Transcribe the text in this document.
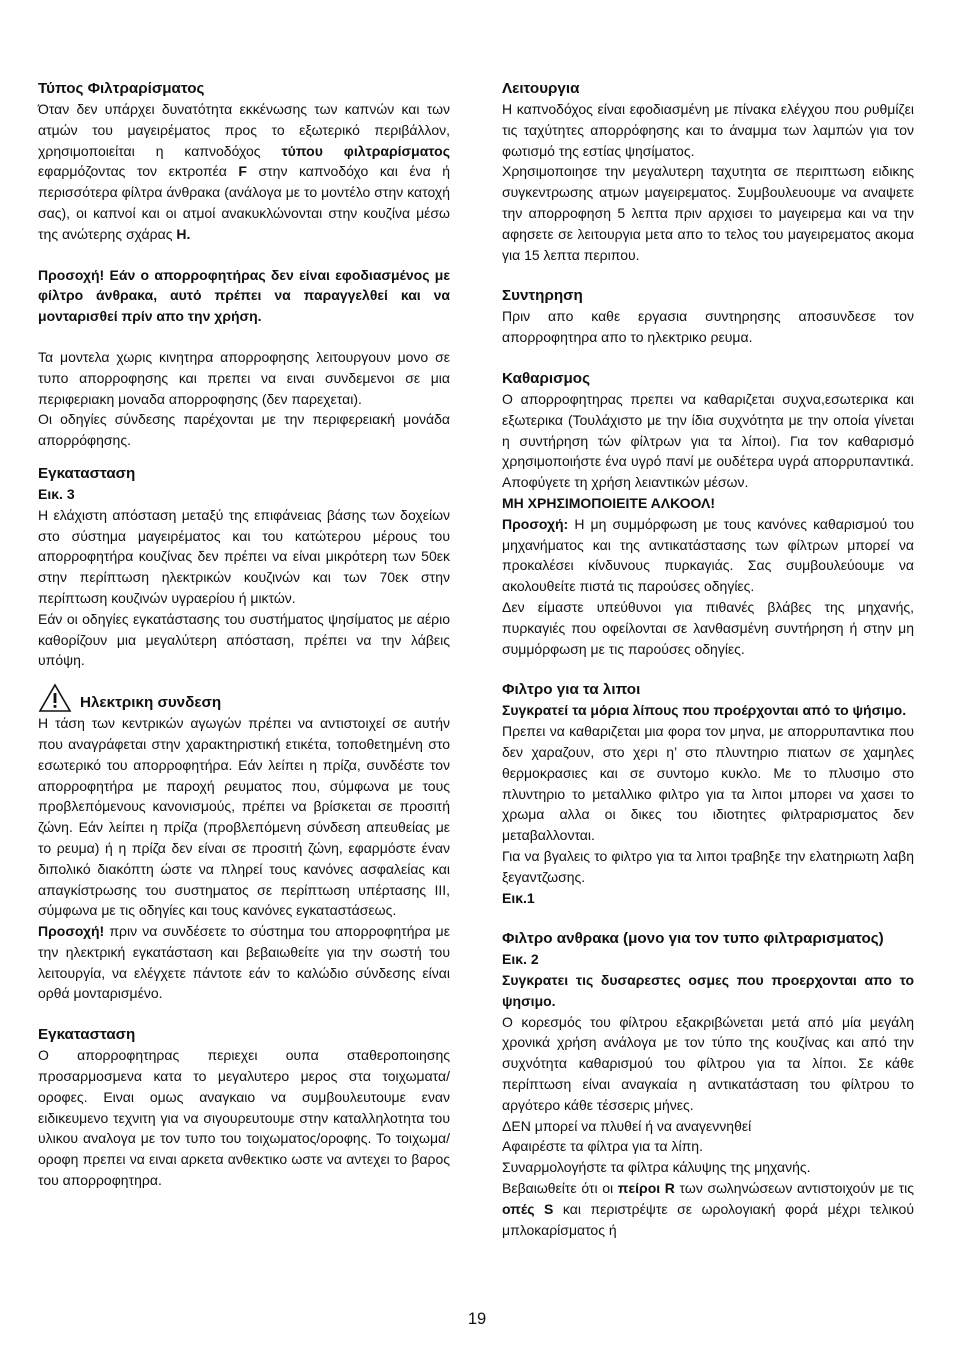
Τύπος Φιλτραρίσματος

Όταν δεν υπάρχει δυνατότητα εκκένωσης των καπνών και των ατμών του μαγειρέματος προς το εξωτερικό περιβάλλον, χρησιμοποιείται η καπνοδόχος τύπου φιλτραρίσματος εφαρμόζοντας τον εκτροπέα F στην καπνοδόχο και ένα ή περισσότερα φίλτρα άνθρακα (ανάλογα με το μοντέλο στην κατοχή σας), οι καπνοί και οι ατμοί ανακυκλώνονται στην κουζίνα μέσω της ανώτερης σχάρας H.

Προσοχή! Εάν ο απορροφητήρας δεν είναι εφοδιασμένος με φίλτρο άνθρακα, αυτό πρέπει να παραγγελθεί και να μονταρισθεί πρίν απο την χρήση.

Τα μοντελα χωρις κινητηρα απορροφησης λειτουργουν μονο σε τυπο απορροφησης και πρεπει να ειναι συνδεμενοι σε μια περιφεριακη μοναδα απορροφησης (δεν παρεχεται).

Οι οδηγίες σύνδεσης παρέχονται με την περιφερειακή μονάδα απορρόφησης.

Εγκατασταση
Εικ. 3

Η ελάχιστη απόσταση μεταξύ της επιφάνειας βάσης των δοχείων στο σύστημα μαγειρέματος και του κατώτερου μέρους του απορροφητήρα κουζίνας δεν πρέπει να είναι μικρότερη των 50εκ στην περίπτωση ηλεκτρικών κουζινών και των 70εκ στην περίπτωση κουζινών υγραερίου ή μικτών.

Εάν οι οδηγίες εγκατάστασης του συστήματος ψησίματος με αέριο καθορίζουν μια μεγαλύτερη απόσταση, πρέπει να την λάβεις υπόψη.

Ηλεκτρικη συνδεση

Η τάση των κεντρικών αγωγών πρέπει να αντιστοιχεί σε αυτήν που αναγράφεται στην χαρακτηριστική ετικέτα, τοποθετημένη στο εσωτερικό του απορροφητήρα. Εάν λείπει η πρίζα, συνδέστε τον απορροφητήρα με παροχή ρευματος που, σύμφωνα με τους προβλεπόμενους κανονισμούς, πρέπει να βρίσκεται σε προσιτή ζώνη. Εάν λείπει η πρίζα (προβλεπόμενη σύνδεση απευθείας με το ρευμα) ή η πρίζα δεν είναι σε προσιτή ζώνη, εφαρμόστε έναν διπολικό διακόπτη ώστε να πληρεί τους κανόνες ασφαλείας και απαγκίστρωσης του συστηματος σε περίπτωση υπέρτασης III, σύμφωνα με τις οδηγίες και τους κανόνες εγκαταστάσεως.

Προσοχή! πριν να συνδέσετε το σύστημα του απορροφητήρα με την ηλεκτρική εγκατάσταση και βεβαιωθείτε για την σωστή του λειτουργία, να ελέγχετε πάντοτε εάν το καλώδιο σύνδεσης είναι ορθά μονταρισμένο.

Εγκατασταση

Ο απορροφητηρας περιεχει ουπα σταθεροποιησης προσαρμοσμενα κατα το μεγαλυτερο μερος στα τοιχωματα/οροφες. Ειναι ομως αναγκαιο να συμβουλευτουμε εναν ειδικευμενο τεχνιτη για να σιγουρευτουμε στην καταλληλοτητα του υλικου αναλογα με τον τυπο του τοιχωματος/οροφης. Το τοιχωμα/οροφη πρεπει να ειναι αρκετα ανθεκτικο ωστε να αντεχει το βαρος του απορροφητηρα.

Λειτουργια

Η καπνοδόχος είναι εφοδιασμένη με πίνακα ελέγχου που ρυθμίζει τις ταχύτητες απορρόφησης και το άναμμα των λαμπών για τον φωτισμό της εστίας ψησίματος.

Χρησιμοποιησε την μεγαλυτερη ταχυτητα σε περιπτωση ειδικης συγκεντρωσης ατμων μαγειρεματος. Συμβουλευουμε να αναψετε την απορροφηση 5 λεπτα πριν αρχισει το μαγειρεμα και να την αφησετε σε λειτουργια μετα απο το τελος του μαγειρεματος ακομα για 15 λεπτα περιπου.

Συντηρηση

Πριν απο καθε εργασια συντηρησης αποσυνδεσε τον απορροφητηρα απο το ηλεκτρικο ρευμα.

Καθαρισμος

Ο απορροφητηρας πρεπει να καθαριζεται συχνα,εσωτερικα και εξωτερικα (Τουλάχιστο με την ίδια συχνότητα με την οποία γίνεται η συντήρηση τών φίλτρων για τα λίποι). Για τον καθαρισμό χρησιμοποιήστε ένα υγρό πανί με ουδέτερα υγρά απορρυπαντικά. Αποφύγετε τη χρήση λειαντικών μέσων.

ΜΗ ΧΡΗΣΙΜΟΠΟΙΕΙΤΕ ΑΛΚΟΟΛ!

Προσοχή: Η μη συμμόρφωση με τους κανόνες καθαρισμού του μηχανήματος και της αντικατάστασης των φίλτρων μπορεί να προκαλέσει κίνδυνους πυρκαγιάς. Σας συμβουλεύουμε να ακολουθείτε πιστά τις παρούσες οδηγίες.

Δεν είμαστε υπεύθυνοι για πιθανές βλάβες της μηχανής, πυρκαγιές που οφείλονται σε λανθασμένη συντήρηση ή στην μη συμμόρφωση με τις παρούσες οδηγίες.

Φιλτρο για τα λιποι

Συγκρατεί τα μόρια λίπους που προέρχονται από το ψήσιμο.

Πρεπει να καθαριζεται μια φορα τον μηνα, με απορρυπαντικα που δεν χαραζουν, στο χερι η’ στο πλυντηριο πιατων σε χαμηλες θερμοκρασιες και σε συντομο κυκλο. Με το πλυσιμο στο πλυντηριο το μεταλλικο φιλτρο για τα λιποι μπορει να χασει το χρωμα αλλα οι δικες του ιδιοτητες φιλτραρισματος δεν μεταβαλλονται.

Για να βγαλεις το φιλτρο για τα λιποι τραβηξε την ελατηριωτη λαβη ξεγαντζωσης.

Εικ.1
Φιλτρο ανθρακα (μονο για τον τυπο φιλτραρισματος)
Εικ. 2

Συγκρατει τις δυσαρεστες οσμες που προερχονται απο το ψησιμο.

Ο κορεσμός του φίλτρου εξακριβώνεται μετά από μία μεγάλη χρονικά χρήση ανάλογα με τον τύπο της κουζίνας και από την συχνότητα καθαρισμού του φίλτρου για τα λίποι. Σε κάθε περίπτωση είναι αναγκαία η αντικατάσταση του φίλτρου το αργότερο κάθε τέσσερις μήνες.

ΔΕΝ μπορεί να πλυθεί ή να αναγεννηθεί

Αφαιρέστε τα φίλτρα για τα λίπη.

Συναρμολογήστε τα φίλτρα κάλυψης της μηχανής.

Βεβαιωθείτε ότι οι πείροι R των σωληνώσεων αντιστοιχούν με τις οπές S και περιστρέψτε σε ωρολογιακή φορά μέχρι τελικού μπλοκαρίσματος ή

19
